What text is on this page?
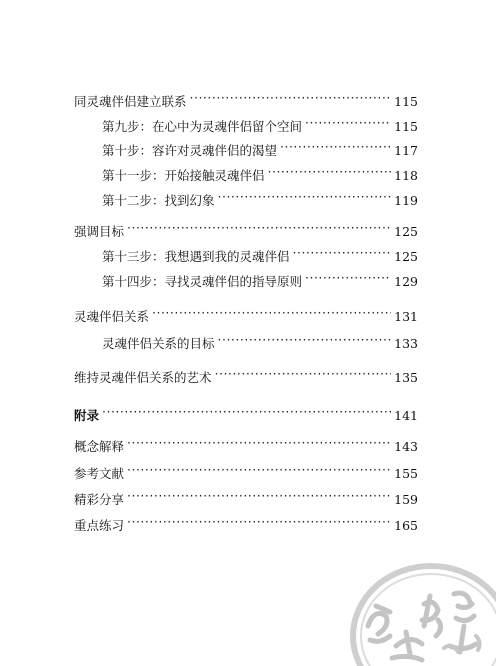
同灵魂伴侣建立联系 ·····	115
第九步：在心中为灵魂伴侣留个空间 ·····	115
第十步：容许对灵魂伴侣的渴望 ·····	117
第十一步：开始接触灵魂伴侣 ·····	118
第十二步：找到幻象 ·····	119
强调目标 ·····	125
第十三步：我想遇到我的灵魂伴侣 ·····	125
第十四步：寻找灵魂伴侣的指导原则 ·····	129
灵魂伴侣关系 ·····	131
灵魂伴侣关系的目标 ·····	133
维持灵魂伴侣关系的艺术 ·····	135
附录 ·····	141
概念解释 ·····	143
参考文献 ·····	155
精彩分享 ·····	159
重点练习 ·····	165
